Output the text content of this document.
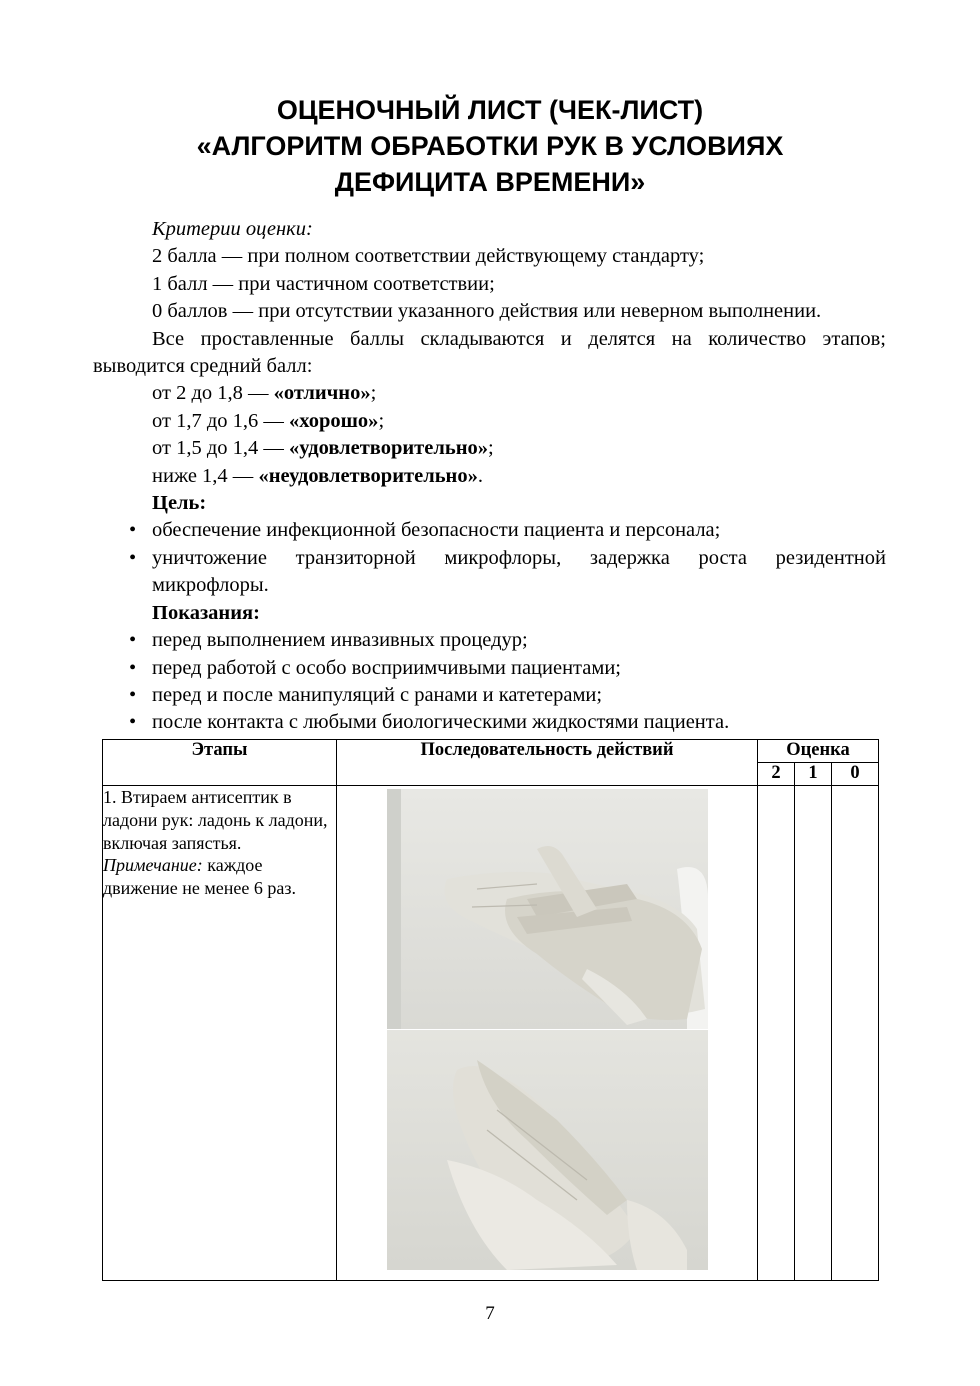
ОЦЕНОЧНЫЙ ЛИСТ (ЧЕК-ЛИСТ)
«АЛГОРИТМ ОБРАБОТКИ РУК В УСЛОВИЯХ
ДЕФИЦИТА ВРЕМЕНИ»
Критерии оценки:
2 балла — при полном соответствии действующему стандарту;
1 балл — при частичном соответствии;
0 баллов — при отсутствии указанного действия или неверном выполнении.
Все проставленные баллы складываются и делятся на количество этапов; выводится средний балл:
от 2 до 1,8 — «отлично»;
от 1,7 до 1,6 — «хорошо»;
от 1,5 до 1,4 — «удовлетворительно»;
ниже 1,4 — «неудовлетворительно».
Цель:
• обеспечение инфекционной безопасности пациента и персонала;
• уничтожение транзиторной микрофлоры, задержка роста резидентной микрофлоры.
Показания:
• перед выполнением инвазивных процедур;
• перед работой с особо восприимчивыми пациентами;
• перед и после манипуляций с ранами и катетерами;
• после контакта с любыми биологическими жидкостями пациента.
Этапы	Последовательность действий	Оценка		
		2	1	0
1. Втираем антисептик в ладони рук: ладонь к ладони, включая запястья.
Примечание: каждое движение не менее 6 раз.	

7
